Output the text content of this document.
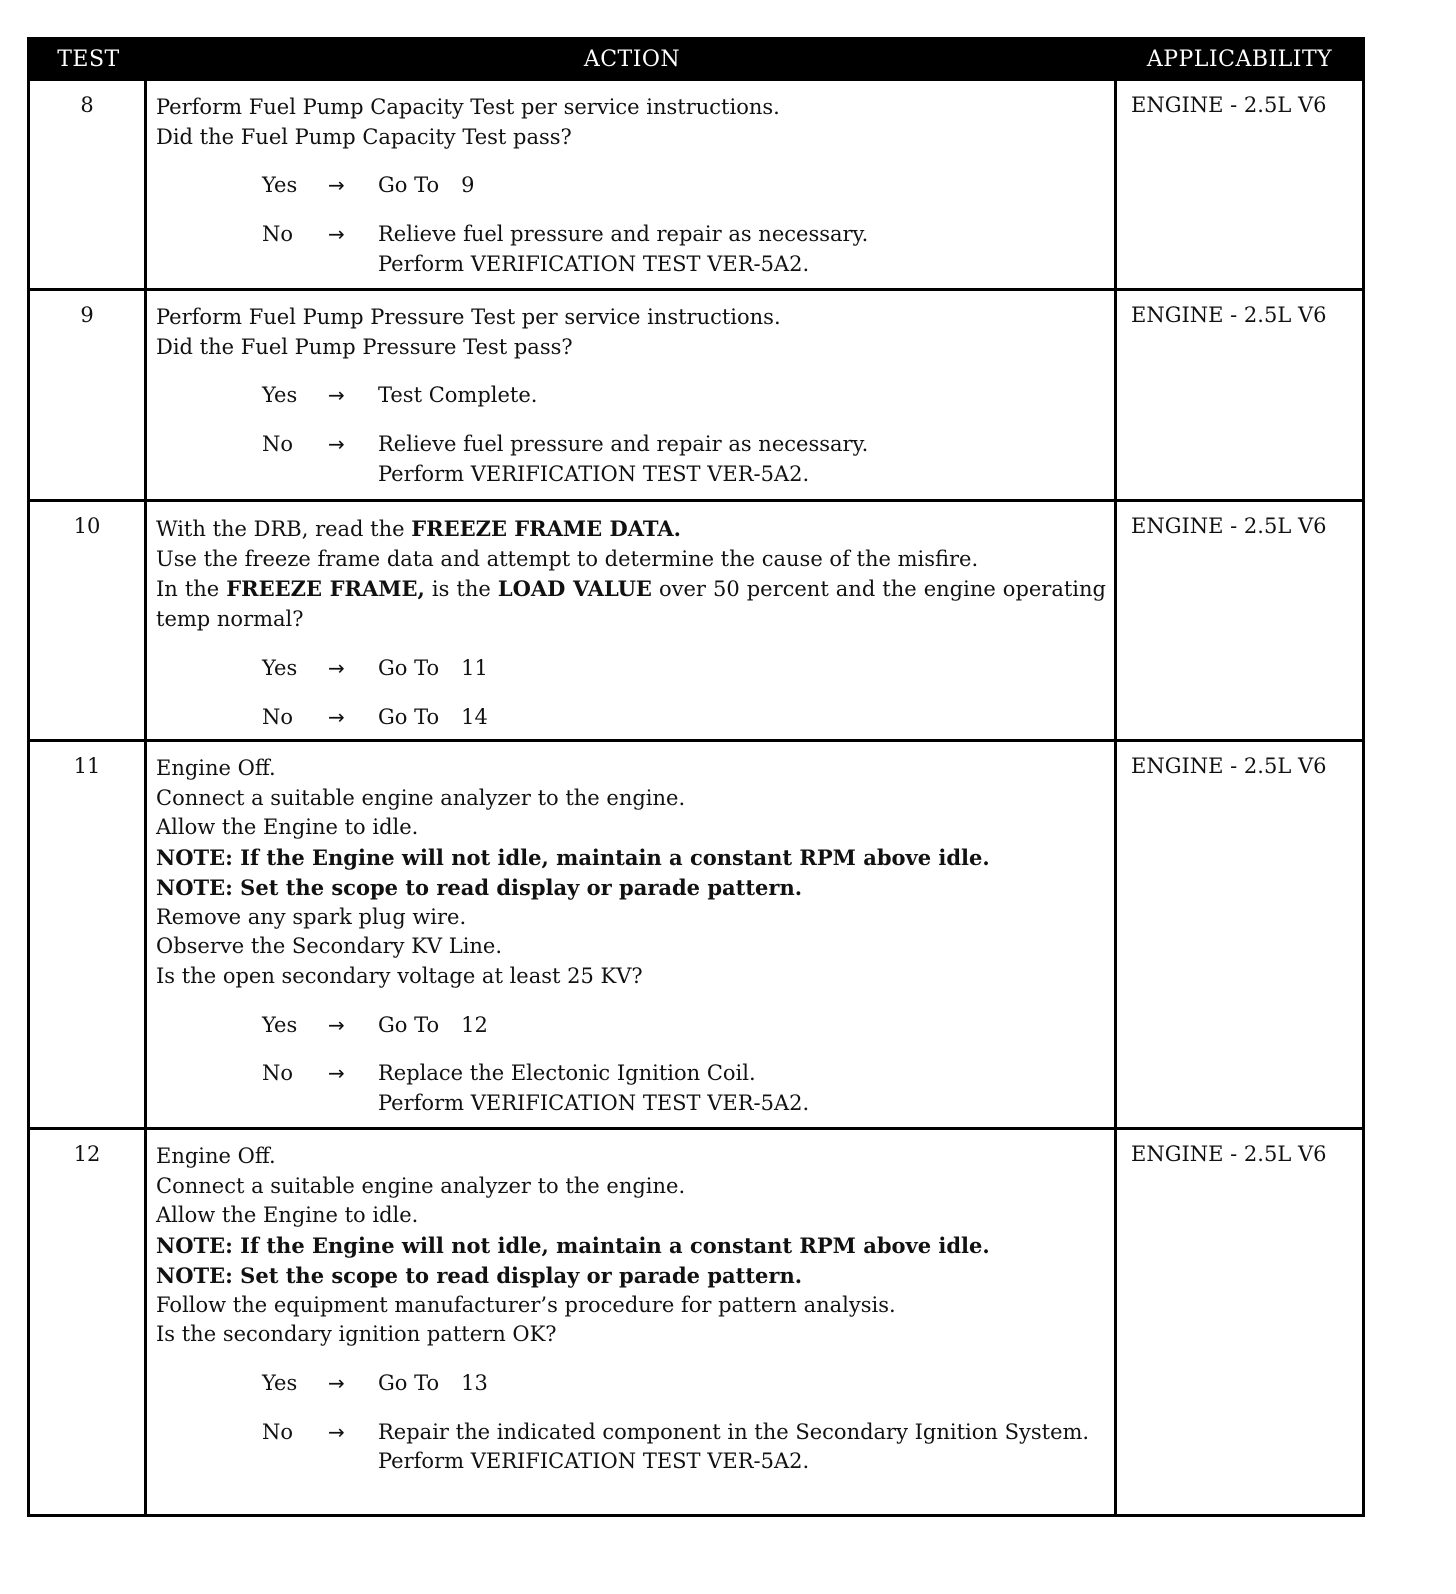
TEST	ACTION	APPLICABILITY
8	Perform Fuel Pump Capacity Test per service instructions.
Did the Fuel Pump Capacity Test pass?
Yes	→	Go To 9
No	→	Relieve fuel pressure and repair as necessary.
Perform VERIFICATION TEST VER-5A2.
ENGINE - 2.5L V6
9	Perform Fuel Pump Pressure Test per service instructions.
Did the Fuel Pump Pressure Test pass?
Yes	→	Test Complete.
No	→	Relieve fuel pressure and repair as necessary.
Perform VERIFICATION TEST VER-5A2.
ENGINE - 2.5L V6
10	With the DRB, read the FREEZE FRAME DATA.
Use the freeze frame data and attempt to determine the cause of the misfire.
In the FREEZE FRAME, is the LOAD VALUE over 50 percent and the engine operating temp normal?
Yes	→	Go To 11
No	→	Go To 14
ENGINE - 2.5L V6
11	Engine Off.
Connect a suitable engine analyzer to the engine.
Allow the Engine to idle.
NOTE: If the Engine will not idle, maintain a constant RPM above idle.
NOTE: Set the scope to read display or parade pattern.
Remove any spark plug wire.
Observe the Secondary KV Line.
Is the open secondary voltage at least 25 KV?
Yes	→	Go To 12
No	→	Replace the Electonic Ignition Coil.
Perform VERIFICATION TEST VER-5A2.
ENGINE - 2.5L V6
12	Engine Off.
Connect a suitable engine analyzer to the engine.
Allow the Engine to idle.
NOTE: If the Engine will not idle, maintain a constant RPM above idle.
NOTE: Set the scope to read display or parade pattern.
Follow the equipment manufacturer’s procedure for pattern analysis.
Is the secondary ignition pattern OK?
Yes	→	Go To 13
No	→	Repair the indicated component in the Secondary Ignition System.
Perform VERIFICATION TEST VER-5A2.
ENGINE - 2.5L V6
